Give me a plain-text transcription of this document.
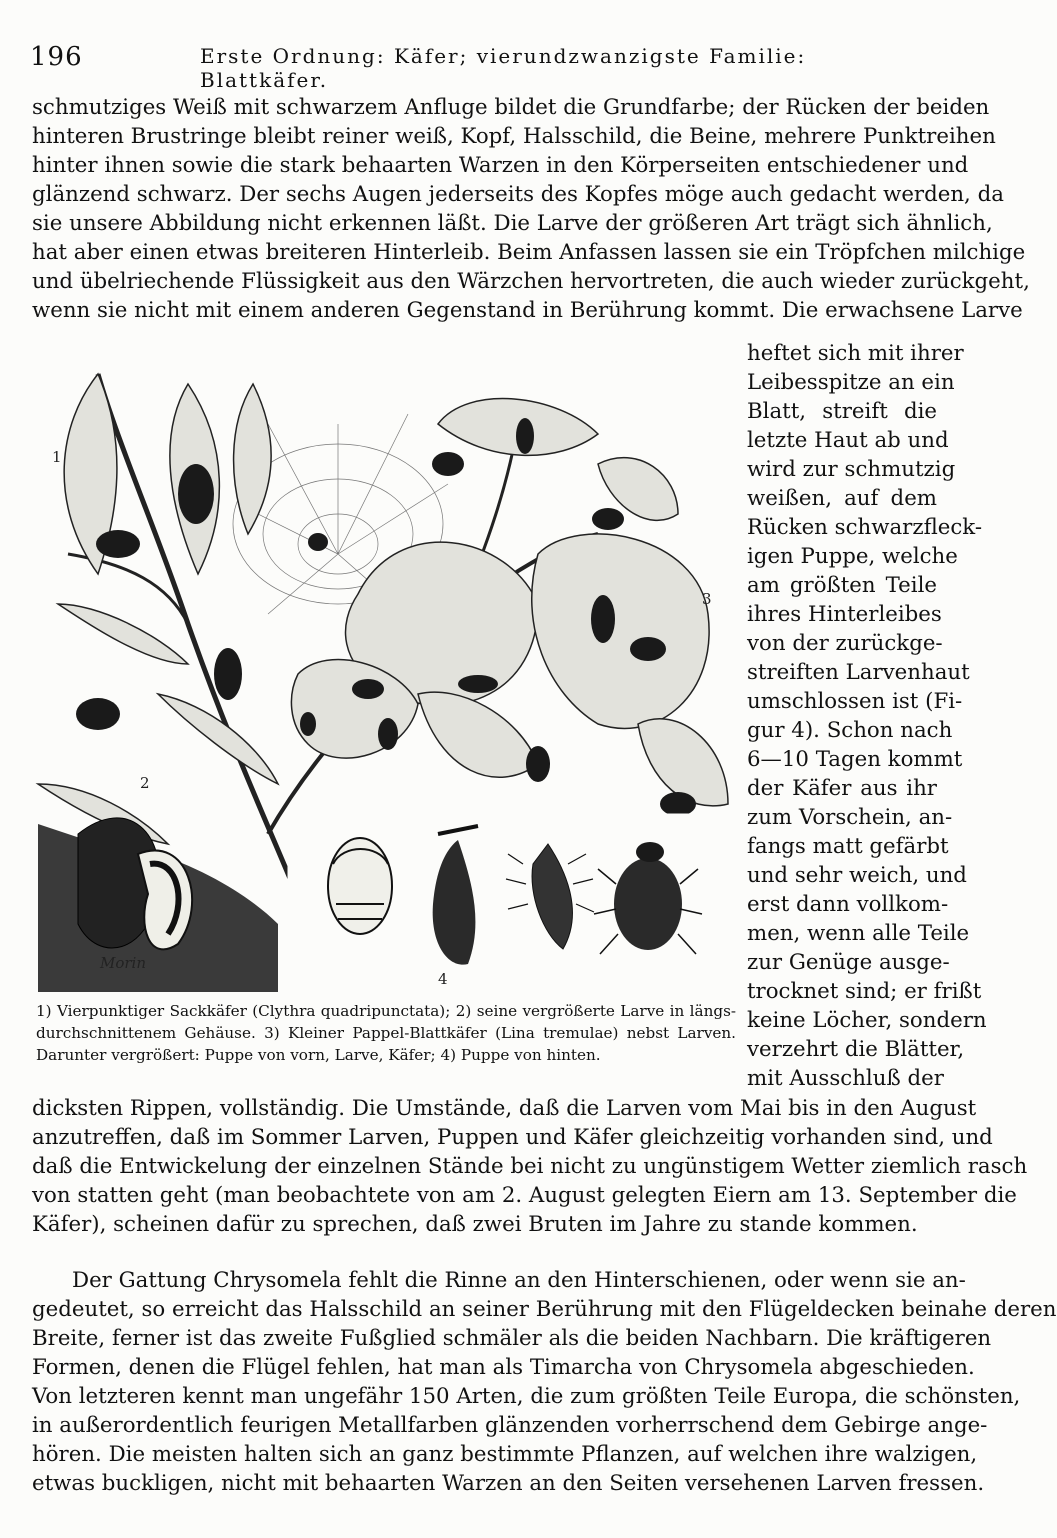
196	Erste Ordnung: Käfer; vierundzwanzigste Familie: Blattkäfer.
schmutziges Weiß mit schwarzem Anfluge bildet die Grundfarbe; der Rücken der beiden
hinteren Brustringe bleibt reiner weiß, Kopf, Halsschild, die Beine, mehrere Punktreihen
hinter ihnen sowie die stark behaarten Warzen in den Körperseiten entschiedener und
glänzend schwarz. Der sechs Augen jederseits des Kopfes möge auch gedacht werden, da
sie unsere Abbildung nicht erkennen läßt. Die Larve der größeren Art trägt sich ähnlich,
hat aber einen etwas breiteren Hinterleib. Beim Anfassen lassen sie ein Tröpfchen milchige
und übelriechende Flüssigkeit aus den Wärzchen hervortreten, die auch wieder zurückgeht,
wenn sie nicht mit einem anderen Gegenstand in Berührung kommt. Die erwachsene Larve
1
2
3
4
Morin
1) Vierpunktiger Sackkäfer (Clythra quadripunctata); 2) seine vergrößerte Larve in längs-
durchschnittenem Gehäuse. 3) Kleiner Pappel-Blattkäfer (Lina tremulae) nebst Larven.
Darunter vergrößert: Puppe von vorn, Larve, Käfer; 4) Puppe von hinten.
heftet sich mit ihrer
Leibesspitze an ein
Blatt, streift die
letzte Haut ab und
wird zur schmutzig
weißen, auf dem
Rücken schwarzfleck-
igen Puppe, welche
am größten Teile
ihres Hinterleibes
von der zurückge-
streiften Larvenhaut
umschlossen ist (Fi-
gur 4). Schon nach
6—10 Tagen kommt
der Käfer aus ihr
zum Vorschein, an-
fangs matt gefärbt
und sehr weich, und
erst dann vollkom-
men, wenn alle Teile
zur Genüge ausge-
trocknet sind; er frißt
keine Löcher, sondern
verzehrt die Blätter,
mit Ausschluß der
dicksten Rippen, vollständig. Die Umstände, daß die Larven vom Mai bis in den August
anzutreffen, daß im Sommer Larven, Puppen und Käfer gleichzeitig vorhanden sind, und
daß die Entwickelung der einzelnen Stände bei nicht zu ungünstigem Wetter ziemlich rasch
von statten geht (man beobachtete von am 2. August gelegten Eiern am 13. September die
Käfer), scheinen dafür zu sprechen, daß zwei Bruten im Jahre zu stande kommen.
Der Gattung Chrysomela fehlt die Rinne an den Hinterschienen, oder wenn sie an-
gedeutet, so erreicht das Halsschild an seiner Berührung mit den Flügeldecken beinahe deren
Breite, ferner ist das zweite Fußglied schmäler als die beiden Nachbarn. Die kräftigeren
Formen, denen die Flügel fehlen, hat man als Timarcha von Chrysomela abgeschieden.
Von letzteren kennt man ungefähr 150 Arten, die zum größten Teile Europa, die schönsten,
in außerordentlich feurigen Metallfarben glänzenden vorherrschend dem Gebirge ange-
hören. Die meisten halten sich an ganz bestimmte Pflanzen, auf welchen ihre walzigen,
etwas buckligen, nicht mit behaarten Warzen an den Seiten versehenen Larven fressen.
